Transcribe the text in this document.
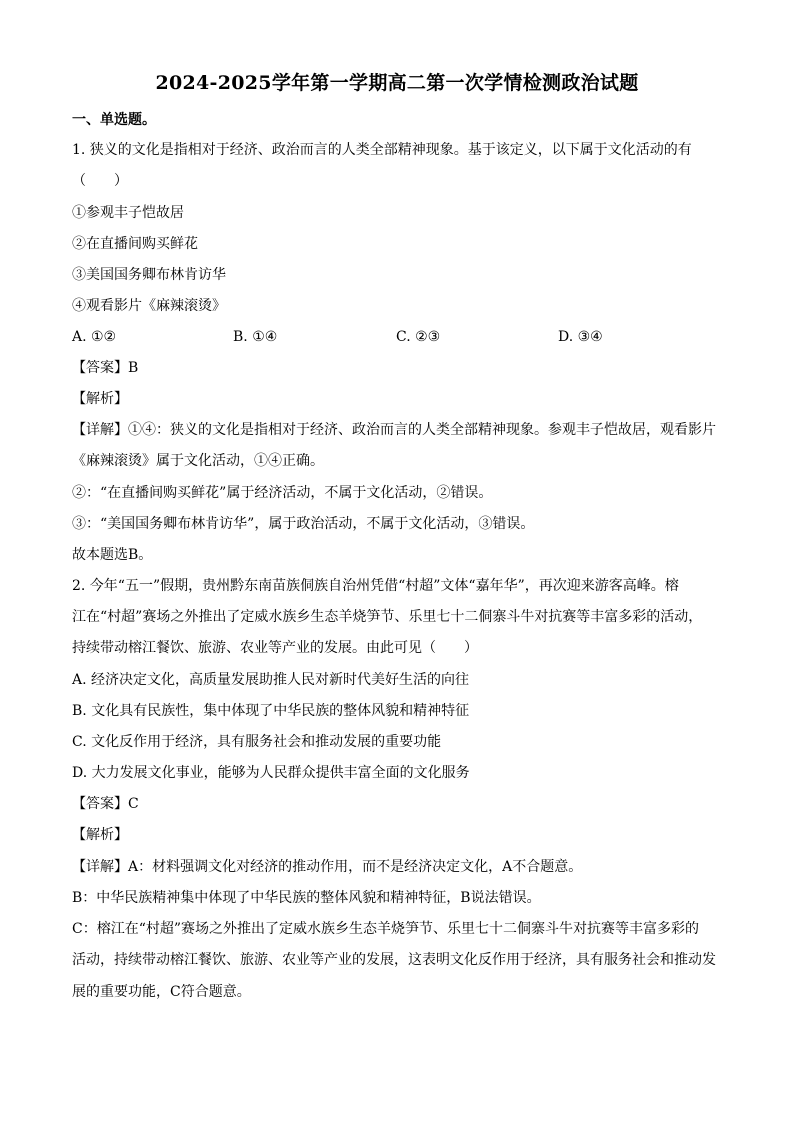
2024-2025学年第一学期高二第一次学情检测政治试题
一、单选题。
1. 狭义的文化是指相对于经济、政治而言的人类全部精神现象。基于该定义，以下属于文化活动的有
（　　）
①参观丰子恺故居
②在直播间购买鲜花
③美国国务卿布林肯访华
④观看影片《麻辣滚烫》
A. ①②	B. ①④	C. ②③	D. ③④
【答案】B
【解析】
【详解】①④：狭义的文化是指相对于经济、政治而言的人类全部精神现象。参观丰子恺故居，观看影片
《麻辣滚烫》属于文化活动，①④正确。
②：“在直播间购买鲜花”属于经济活动，不属于文化活动，②错误。
③：“美国国务卿布林肯访华”，属于政治活动，不属于文化活动，③错误。
故本题选B。
2. 今年“五一”假期，贵州黔东南苗族侗族自治州凭借“村超”文体“嘉年华”，再次迎来游客高峰。榕
江在“村超”赛场之外推出了定威水族乡生态羊烧笋节、乐里七十二侗寨斗牛对抗赛等丰富多彩的活动，
持续带动榕江餐饮、旅游、农业等产业的发展。由此可见（　　）
A. 经济决定文化，高质量发展助推人民对新时代美好生活的向往
B. 文化具有民族性，集中体现了中华民族的整体风貌和精神特征
C. 文化反作用于经济，具有服务社会和推动发展的重要功能
D. 大力发展文化事业，能够为人民群众提供丰富全面的文化服务
【答案】C
【解析】
【详解】A：材料强调文化对经济的推动作用，而不是经济决定文化，A不合题意。
B：中华民族精神集中体现了中华民族的整体风貌和精神特征，B说法错误。
C：榕江在“村超”赛场之外推出了定威水族乡生态羊烧笋节、乐里七十二侗寨斗牛对抗赛等丰富多彩的
活动，持续带动榕江餐饮、旅游、农业等产业的发展，这表明文化反作用于经济，具有服务社会和推动发
展的重要功能，C符合题意。
